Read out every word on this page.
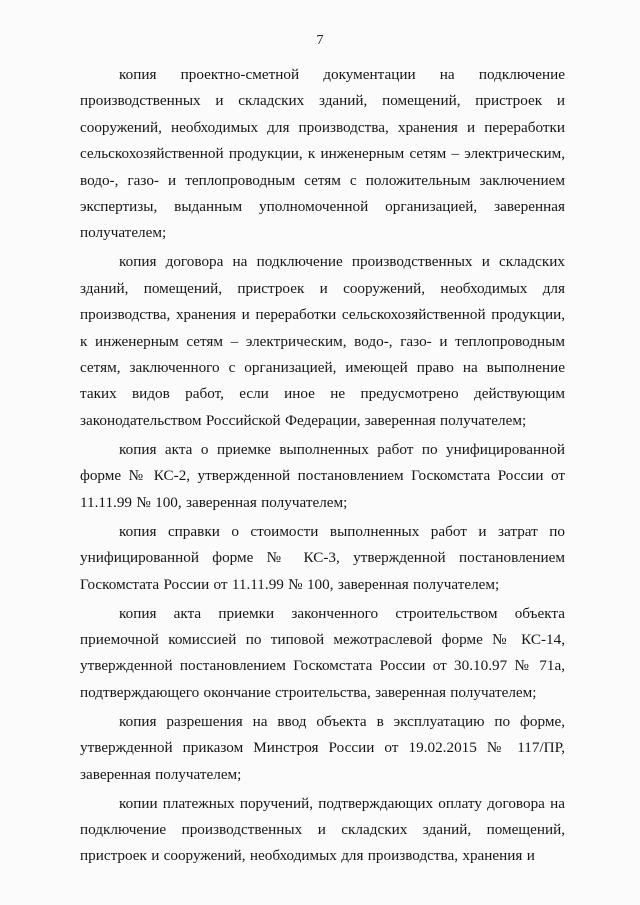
7

копия проектно-сметной документации на подключение производственных и складских зданий, помещений, пристроек и сооружений, необходимых для производства, хранения и переработки сельскохозяйственной продукции, к инженерным сетям – электрическим, водо-, газо- и теплопроводным сетям с положительным заключением экспертизы, выданным уполномоченной организацией, заверенная получателем;

копия договора на подключение производственных и складских зданий, помещений, пристроек и сооружений, необходимых для производства, хранения и переработки сельскохозяйственной продукции, к инженерным сетям – электрическим, водо-, газо- и теплопроводным сетям, заключенного с организацией, имеющей право на выполнение таких видов работ, если иное не предусмотрено действующим законодательством Российской Федерации, заверенная получателем;

копия акта о приемке выполненных работ по унифицированной форме № КС-2, утвержденной постановлением Госкомстата России от 11.11.99 № 100, заверенная получателем;

копия справки о стоимости выполненных работ и затрат по унифицированной форме № КС-3, утвержденной постановлением Госкомстата России от 11.11.99 № 100, заверенная получателем;

копия акта приемки законченного строительством объекта приемочной комиссией по типовой межотраслевой форме № КС-14, утвержденной постановлением Госкомстата России от 30.10.97 № 71а, подтверждающего окончание строительства, заверенная получателем;

копия разрешения на ввод объекта в эксплуатацию по форме, утвержденной приказом Минстроя России от 19.02.2015 № 117/ПР, заверенная получателем;

копии платежных поручений, подтверждающих оплату договора на подключение производственных и складских зданий, помещений, пристроек и сооружений, необходимых для производства, хранения и
